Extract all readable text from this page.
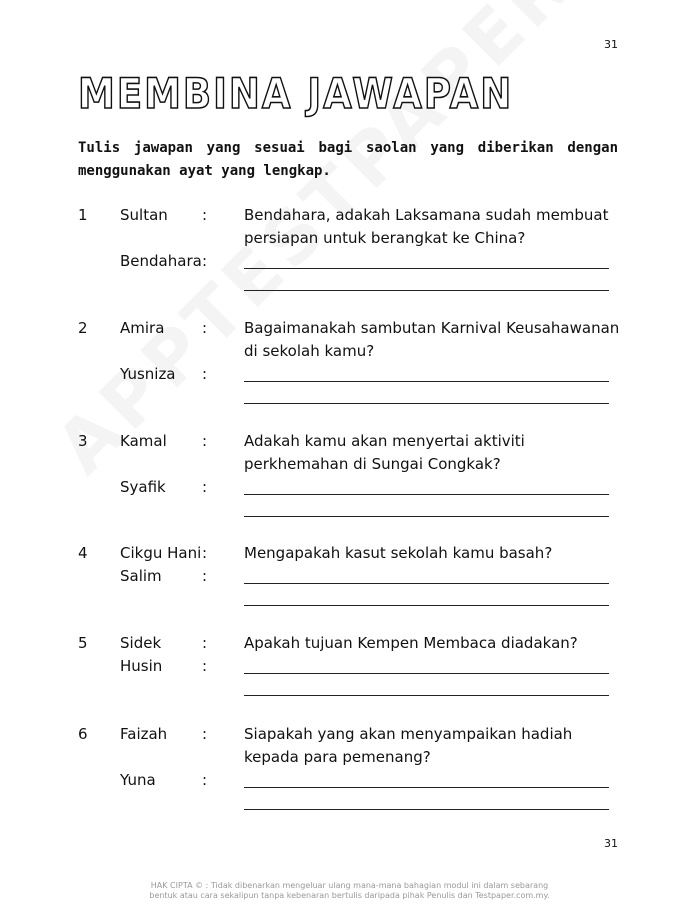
31
MEMBINA JAWAPAN

Tulis jawapan yang sesuai bagi saolan yang diberikan dengan menggunakan ayat yang lengkap.

1 Sultan : Bendahara, adakah Laksamana sudah membuat persiapan untuk berangkat ke China?
Bendahara :
2 Amira	: Bagaimanakah sambutan Karnival Keusahawanan di sekolah kamu?
Yusniza :
3 Kamal : Adakah kamu akan menyertai aktiviti perkhemahan di Sungai Congkak?
Syafik :
4 Cikgu Hani : Mengapakah kasut sekolah kamu basah?
Salim	:
5 Sidek	: Apakah tujuan Kempen Membaca diadakan?
Husin	:
6 Faizah : Siapakah yang akan menyampaikan hadiah kepada para pemenang?
Yuna	:
31
HAK CIPTA © : Tidak dibenarkan mengeluar ulang mana-mana bahagian modul ini dalam sebarang
bentuk atau cara sekalipun tanpa kebenaran bertulis daripada pihak Penulis dan Testpaper.com.my.
